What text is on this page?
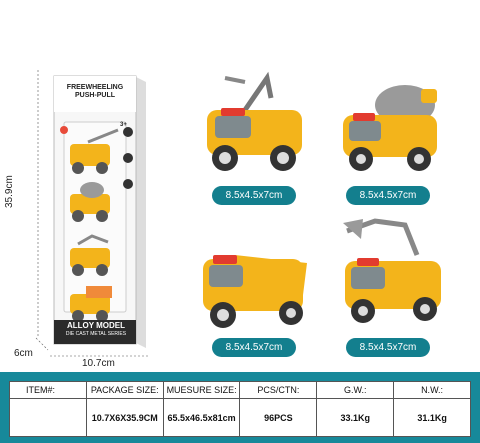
FREEWHEELING
PUSH-PULL
3+
ALLOY MODEL
DIE CAST METAL SERIES
35.9cm
6cm
10.7cm
8.5x4.5x7cm	8.5x4.5x7cm
8.5x4.5x7cm	8.5x4.5x7cm
ITEM#:	PACKAGE SIZE:	MUESURE SIZE:	PCS/CTN:	G.W.:	N.W.:
	10.7X6X35.9CM	65.5x46.5x81cm	96PCS	33.1Kg	31.1Kg
